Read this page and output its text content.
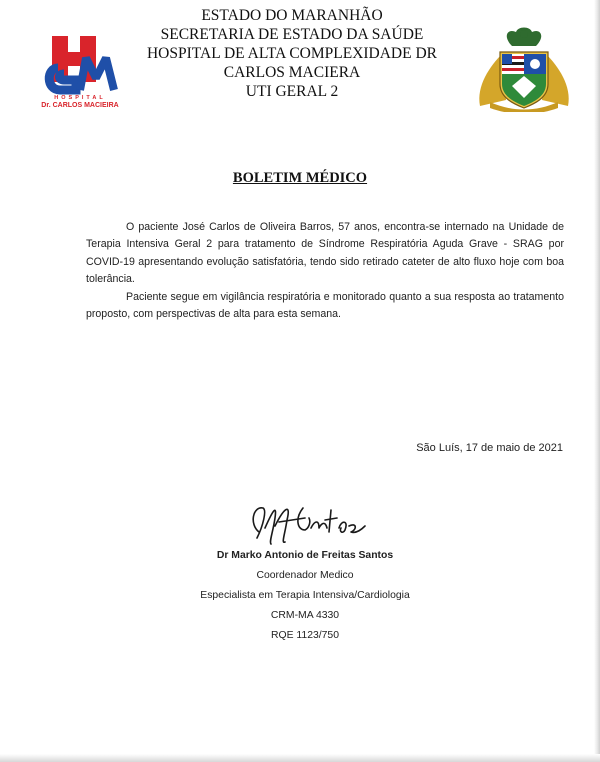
HOSPITAL
Dr. CARLOS MACIEIRA
ESTADO DO MARANHÃO
SECRETARIA DE ESTADO DA SAÚDE
HOSPITAL DE ALTA COMPLEXIDADE DR
CARLOS MACIERA
UTI GERAL 2
BOLETIM MÉDICO

O paciente José Carlos de Oliveira Barros, 57 anos, encontra-se internado na Unidade de Terapia Intensiva Geral 2 para tratamento de Síndrome Respiratória Aguda Grave - SRAG por COVID-19 apresentando evolução satisfatória, tendo sido retirado cateter de alto fluxo hoje com boa tolerância.

Paciente segue em vigilância respiratória e monitorado quanto a sua resposta ao tratamento proposto, com perspectivas de alta para esta semana.

São Luís, 17 de maio de 2021
Dr Marko Antonio de Freitas Santos
Coordenador Medico
Especialista em Terapia Intensiva/Cardiologia
CRM-MA 4330
RQE 1123/750
